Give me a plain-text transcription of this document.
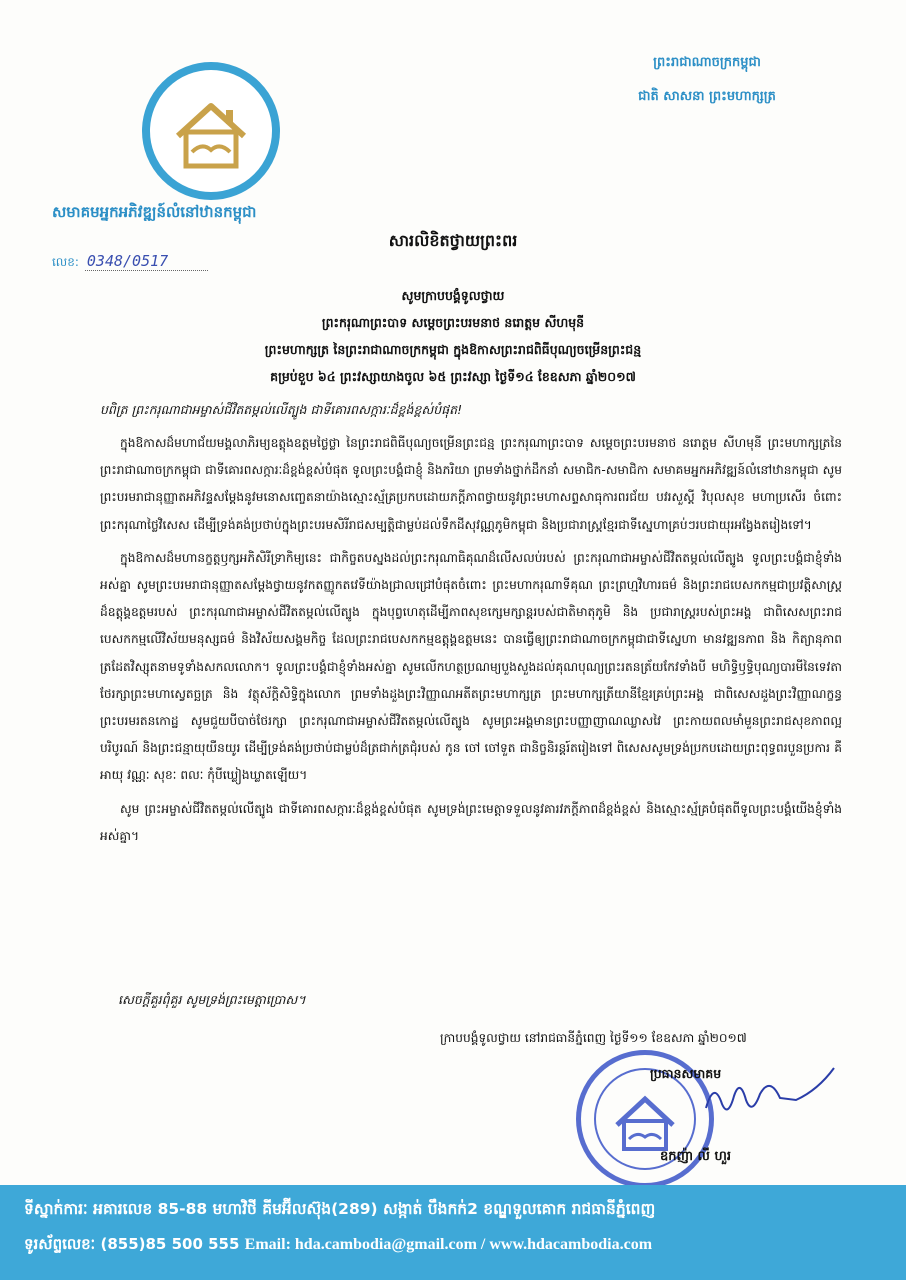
សមាគមអ្នកអភិវឌ្ឍន៍លំនៅឋានកម្ពុជា
លេខ: 0348/0517
ព្រះរាជាណាចក្រកម្ពុជា
ជាតិ សាសនា ព្រះមហាក្សត្រ
សារលិខិតថ្វាយព្រះពរ
សូមក្រាបបង្គំទូលថ្វាយ
ព្រះករុណាព្រះបាទ សម្តេចព្រះបរមនាថ នរោត្តម សីហមុនី
ព្រះមហាក្សត្រ នៃព្រះរាជាណាចក្រកម្ពុជា ក្នុងឱកាសព្រះរាជពិធីបុណ្យចម្រើនព្រះជន្ម
គម្រប់ខួប ៦៤ ព្រះវស្សាយាងចូល ៦៥ ព្រះវស្សា ថ្ងៃទី១៤ ខែឧសភា ឆ្នាំ២០១៧
បពិត្រ ព្រះករុណាជាអម្ចាស់ជីវិតតម្កល់លើត្បូង ជាទីគោរពសក្ការៈដ៏ខ្ពង់ខ្ពស់បំផុត!

ក្នុងឱកាសដ៏មហាជ័យមង្គលាភិរម្យឧត្តុងឧត្តមថ្លៃថ្លា នៃព្រះរាជពិធីបុណ្យចម្រើនព្រះជន្ម ព្រះករុណាព្រះបាទ សម្តេចព្រះបរមនាថ នរោត្តម សីហមុនី ព្រះមហាក្សត្រនៃព្រះរាជាណាចក្រកម្ពុជា ជាទីគោរពសក្ការៈដ៏ខ្ពង់ខ្ពស់បំផុត ទូលព្រះបង្គំជាខ្ញុំ និងភរិយា ព្រមទាំងថ្នាក់ដឹកនាំ សមាជិក-សមាជិកា សមាគមអ្នកអភិវឌ្ឍន៍លំនៅឋានកម្ពុជា សូមព្រះបរមរាជានុញ្ញាតអភិវន្ទសម្តែងនូវមនោសញ្ចេតនាយ៉ាងស្មោះស្ម័គ្រប្រកបដោយភក្តីភាពថ្វាយនូវព្រះមហាសព្ទសាធុការពរជ័យ បវរសួស្តី វិបុលសុខ មហាប្រសើរ ចំពោះព្រះករុណាថ្លៃវិសេស ដើម្បីទ្រង់គង់ប្រថាប់ក្នុងព្រះបរមសិរីរាជសម្បត្តិជាម្លប់ដល់ទឹកដីសុវណ្ណភូមិកម្ពុជា និងប្រជារាស្ត្រខ្មែរជាទីស្នេហាគ្រប់ៗរបជាយុរអង្វែងតរៀងទៅ។

ក្នុងឱកាសដ៏មហានក្ខត្តឫក្សអភិសិរីទ្រាកិម្យនេះ ជាកិច្ចតបស្នងដល់ព្រះករុណាធិគុណដ៏លើសលប់របស់ ព្រះករុណាជាអម្ចាស់ជីវិតតម្កល់លើត្បូង ទូលព្រះបង្គំជាខ្ញុំទាំងអស់គ្នា សូមព្រះបរមរាជានុញ្ញាតសម្តែងថ្វាយនូវកតញ្ញូកតវេទីយ៉ាងជ្រាលជ្រៅបំផុតចំពោះ ព្រះមហាករុណាទីគុណ ព្រះព្រហ្មវិហារធម៌ និងព្រះរាជបេសកកម្មជាប្រវត្តិសាស្ត្រដ៏ឧត្តុង្គឧត្តមរបស់ ព្រះករុណាជាអម្ចាស់ជីវិតតម្កល់លើត្បូង ក្នុងបុព្វហេតុដើម្បីភាពសុខក្សេមក្សាន្តរបស់ជាតិមាតុភូមិ និង ប្រជារាស្ត្ររបស់ព្រះអង្គ ជាពិសេសព្រះរាជបេសកកម្មលើវិស័យមនុស្សធម៌ និងវិស័យសង្គមកិច្ច ដែលព្រះរាជបេសកកម្មឧត្តុង្គឧត្តមនេះ បានធ្វើឲ្យព្រះរាជាណាចក្រកម្ពុជាជាទីស្នេហា មានវឌ្ឍនភាព និង កិត្យានុភាពត្រដែតវិស្សុតនាមទូទាំងសកលលោក។ ទូលព្រះបង្គំជាខ្ញុំទាំងអស់គ្នា សូមលើកហត្ថប្រណម្យបួងសួងដល់គុណបុណ្យព្រះរតនត្រ័យកែវទាំងបី មហិទ្ធិឫទ្ធិបុណ្យបារមីនៃទេវតាថែរក្សាព្រះមហាស្វេតច្ឆត្រ និង វត្ថុស័ក្តិសិទ្ធិក្នុងលោក ព្រមទាំងដួងព្រះវិញ្ញាណអតីតព្រះមហាក្សត្រ ព្រះមហាក្សត្រីយានីខ្មែរគ្រប់ព្រះអង្គ ជាពិសេសដួងព្រះវិញ្ញាណក្ខន្ធព្រះបរមរតនកោដ្ឋ សូមជួយបីបាច់ថែរក្សា ព្រះករុណាជាអម្ចាស់ជីវិតតម្កល់លើត្បូង សូមព្រះអង្គមានព្រះបញ្ញាញាណឈ្លាសវៃ ព្រះកាយពលមាំមួនព្រះរាជសុខភាពល្អបរិបូរណ៍ និងព្រះជន្មាយុយឺនយូរ ដើម្បីទ្រង់គង់ប្រថាប់ជាម្លប់ដ៏ត្រជាក់ត្រជុំរបស់ កូន ចៅ ចៅទួត ជានិច្ចនិរន្តរ៍តរៀងទៅ ពិសេសសូមទ្រង់ប្រកបដោយព្រះពុទ្ធពរបួនប្រការ គឺ អាយុ វណ្ណៈ សុខៈ ពលៈ កុំបីឃ្លៀងឃ្លាតឡើយ។

សូម ព្រះអម្ចាស់ជីវិតតម្កល់លើត្បូង ជាទីគោរពសក្ការៈដ៏ខ្ពង់ខ្ពស់បំផុត សូមទ្រង់ព្រះមេត្តាទទួលនូវគារវភក្តីភាពដ៏ខ្ពង់ខ្ពស់ និងស្មោះស្ម័គ្របំផុតពីទូលព្រះបង្គំយើងខ្ញុំទាំងអស់គ្នា។

សេចក្តីគួរពុំគួរ សូមទ្រង់ព្រះមេត្តាប្រោស។
ក្រាបបង្គំទូលថ្វាយ នៅរាជធានីភ្នំពេញ ថ្ងៃទី១១ ខែឧសភា ឆ្នាំ២០១៧
ប្រធានសមាគម
ឧកញ៉ា លី ហួរ
ទីស្នាក់ការៈ អគារលេខ 85-88 មហាវិថី គីមអ៊ីលស៊ុង(289) សង្កាត់ បឹងកក់2 ខណ្ឌទួលគោក រាជធានីភ្នំពេញ
ទូរស័ព្ទលេខៈ (855)85 500 555 Email: hda.cambodia@gmail.com / www.hdacambodia.com
